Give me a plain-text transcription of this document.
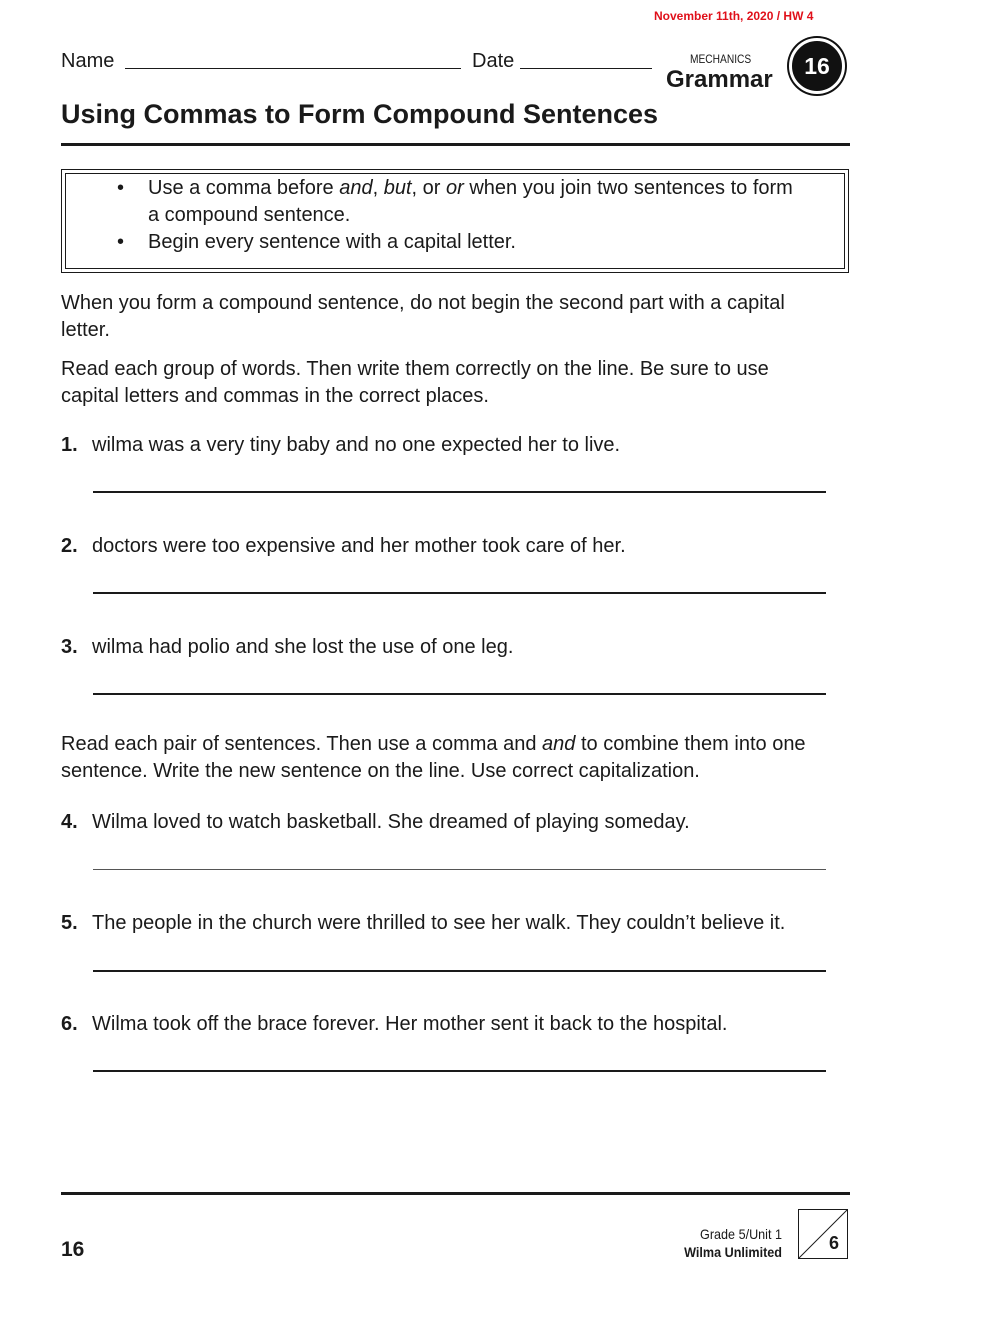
November 11th, 2020 / HW 4
Name	Date	MECHANICS
Grammar
16
Using Commas to Form Compound Sentences
• Use a comma before and, but, or or when you join two sentences to form a compound sentence.
• Begin every sentence with a capital letter.
When you form a compound sentence, do not begin the second part with a capital letter.
Read each group of words. Then write them correctly on the line. Be sure to use capital letters and commas in the correct places.
1. wilma was a very tiny baby and no one expected her to live.
2. doctors were too expensive and her mother took care of her.
3. wilma had polio and she lost the use of one leg.
Read each pair of sentences. Then use a comma and and to combine them into one sentence. Write the new sentence on the line. Use correct capitalization.
4. Wilma loved to watch basketball. She dreamed of playing someday.
5. The people in the church were thrilled to see her walk. They couldn’t believe it.
6. Wilma took off the brace forever. Her mother sent it back to the hospital.
16
Grade 5/Unit 1
Wilma Unlimited	6
